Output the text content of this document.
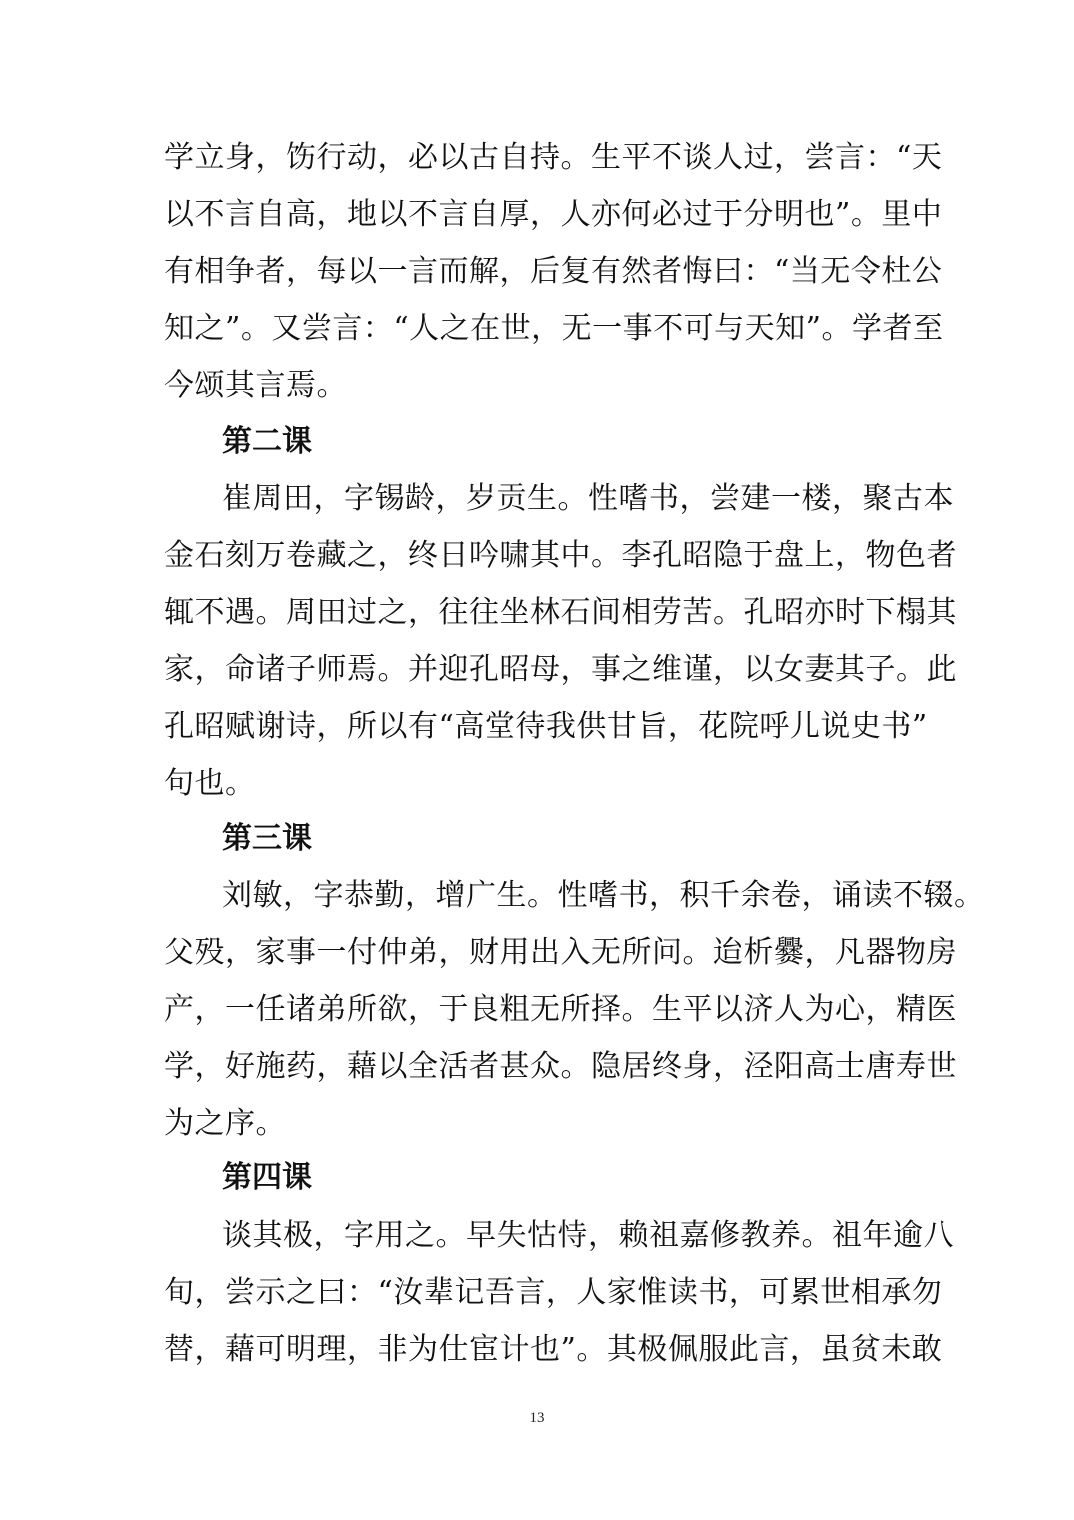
学立身，饬行动，必以古自持。生平不谈人过，尝言：“天
以不言自高，地以不言自厚，人亦何必过于分明也”。里中
有相争者，每以一言而解，后复有然者悔曰：“当无令杜公
知之”。又尝言：“人之在世，无一事不可与天知”。学者至
今颂其言焉。
第二课
崔周田，字锡龄，岁贡生。性嗜书，尝建一楼，聚古本
金石刻万卷藏之，终日吟啸其中。李孔昭隐于盘上，物色者
辄不遇。周田过之，往往坐林石间相劳苦。孔昭亦时下榻其
家，命诸子师焉。并迎孔昭母，事之维谨，以女妻其子。此
孔昭赋谢诗，所以有“高堂待我供甘旨，花院呼儿说史书”
句也。
第三课
刘敏，字恭勤，增广生。性嗜书，积千余卷，诵读不辍。
父殁，家事一付仲弟，财用出入无所问。迨析爨，凡器物房
产，一任诸弟所欲，于良粗无所择。生平以济人为心，精医
学，好施药，藉以全活者甚众。隐居终身，泾阳高士唐寿世
为之序。
第四课
谈其极，字用之。早失怙恃，赖祖嘉修教养。祖年逾八
旬，尝示之曰：“汝辈记吾言，人家惟读书，可累世相承勿
替，藉可明理，非为仕宦计也”。其极佩服此言，虽贫未敢
13
